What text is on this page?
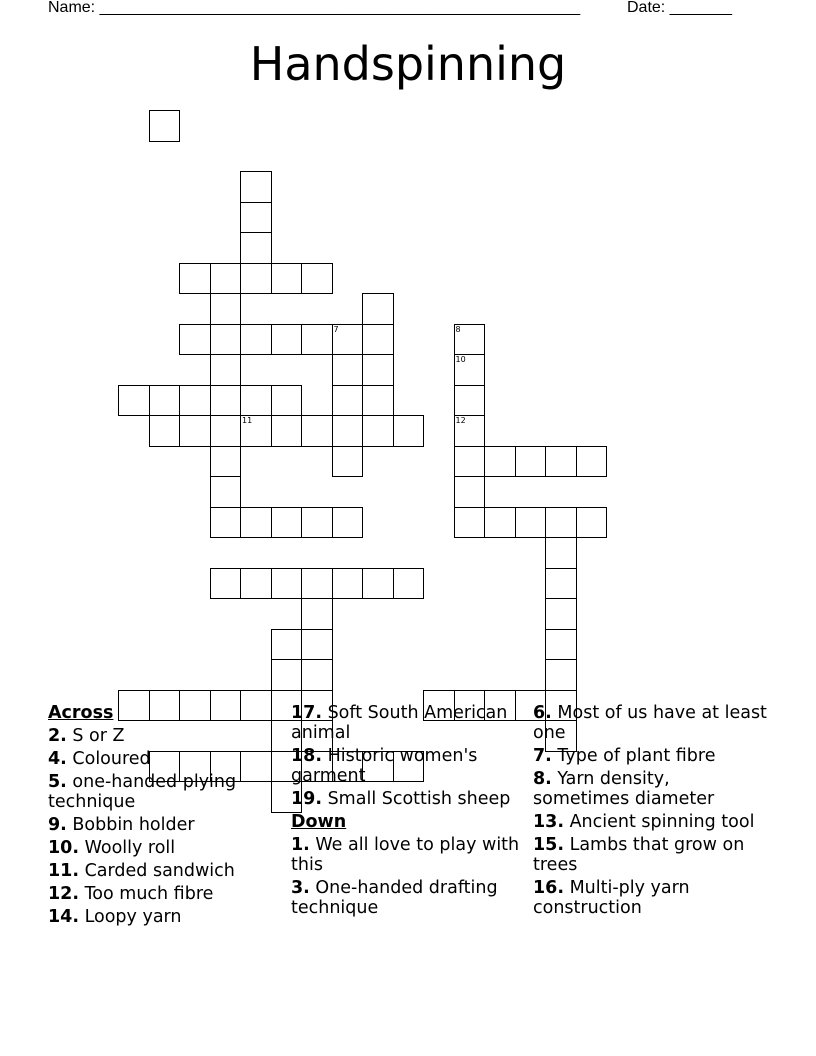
Name: ______________________________________________________	Date: _______
Handspinning
7
11
8
10
12
Across
2. S or Z
4. Coloured
5. one-handed plying technique
9. Bobbin holder
10. Woolly roll
11. Carded sandwich
12. Too much fibre
14. Loopy yarn
17. Soft South American animal
18. Historic women's garment
19. Small Scottish sheep
Down
1. We all love to play with this
3. One-handed drafting technique
6. Most of us have at least one
7. Type of plant fibre
8. Yarn density, sometimes diameter
13. Ancient spinning tool
15. Lambs that grow on trees
16. Multi-ply yarn construction
